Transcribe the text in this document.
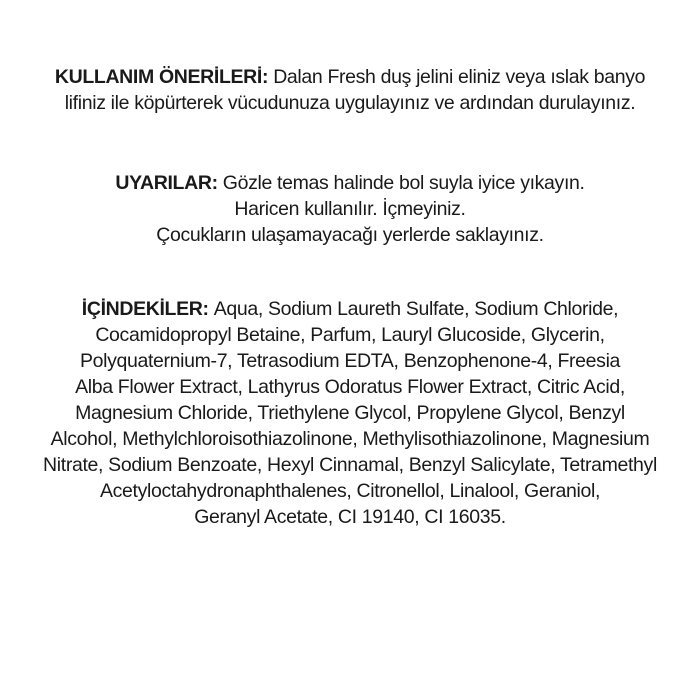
KULLANIM ÖNERİLERİ: Dalan Fresh duş jelini eliniz veya ıslak banyo
lifiniz ile köpürterek vücudunuza uygulayınız ve ardından durulayınız.
UYARILAR: Gözle temas halinde bol suyla iyice yıkayın.
Haricen kullanılır. İçmeyiniz.
Çocukların ulaşamayacağı yerlerde saklayınız.
İÇİNDEKİLER: Aqua, Sodium Laureth Sulfate, Sodium Chloride,
Cocamidopropyl Betaine, Parfum, Lauryl Glucoside, Glycerin,
Polyquaternium-7, Tetrasodium EDTA, Benzophenone-4, Freesia
Alba Flower Extract, Lathyrus Odoratus Flower Extract, Citric Acid,
Magnesium Chloride, Triethylene Glycol, Propylene Glycol, Benzyl
Alcohol, Methylchloroisothiazolinone, Methylisothiazolinone, Magnesium
Nitrate, Sodium Benzoate, Hexyl Cinnamal, Benzyl Salicylate, Tetramethyl
Acetyloctahydronaphthalenes, Citronellol, Linalool, Geraniol,
Geranyl Acetate, CI 19140, CI 16035.
